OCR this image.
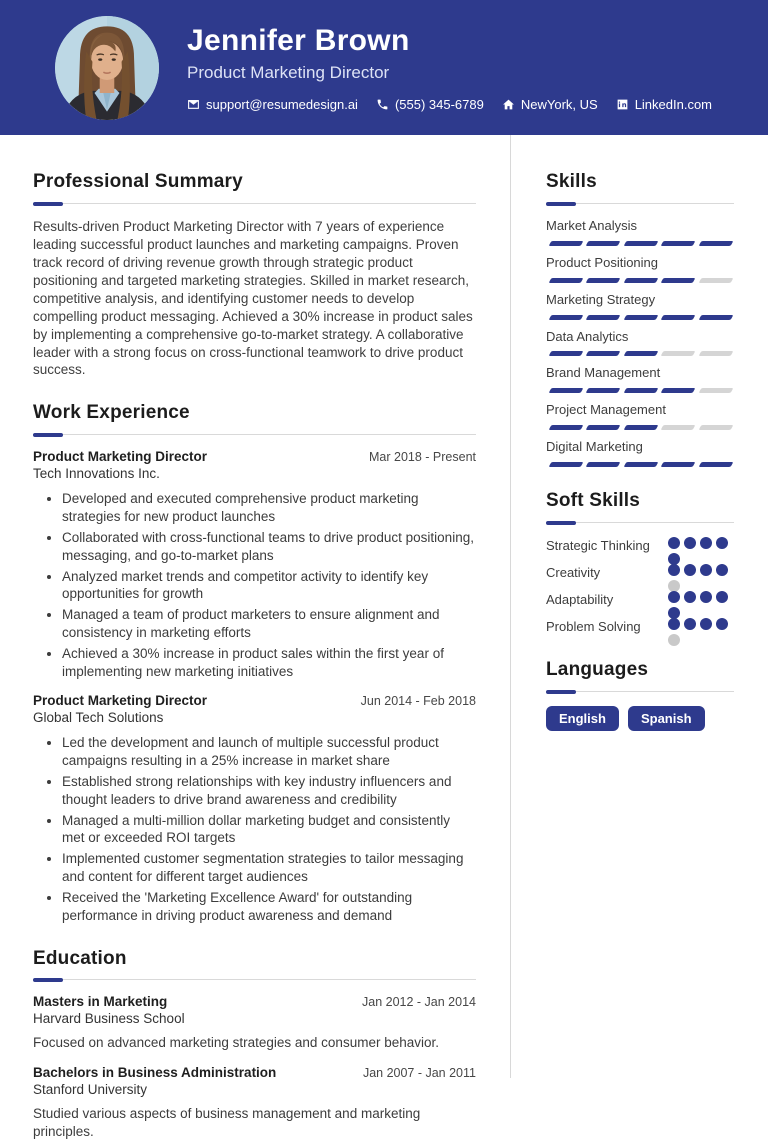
Jennifer Brown
Product Marketing Director
support@resumedesign.ai	(555) 345-6789	NewYork, US	LinkedIn.com
Professional Summary
Results-driven Product Marketing Director with 7 years of experience leading successful product launches and marketing campaigns. Proven track record of driving revenue growth through strategic product positioning and targeted marketing strategies. Skilled in market research, competitive analysis, and identifying customer needs to develop compelling product messaging. Achieved a 30% increase in product sales by implementing a comprehensive go-to-market strategy. A collaborative leader with a strong focus on cross-functional teamwork to drive product success.
Work Experience
Product Marketing Director	Mar 2018 - Present
Tech Innovations Inc.
• Developed and executed comprehensive product marketing strategies for new product launches
• Collaborated with cross-functional teams to drive product positioning, messaging, and go-to-market plans
• Analyzed market trends and competitor activity to identify key opportunities for growth
• Managed a team of product marketers to ensure alignment and consistency in marketing efforts
• Achieved a 30% increase in product sales within the first year of implementing new marketing initiatives
Product Marketing Director	Jun 2014 - Feb 2018
Global Tech Solutions
• Led the development and launch of multiple successful product campaigns resulting in a 25% increase in market share
• Established strong relationships with key industry influencers and thought leaders to drive brand awareness and credibility
• Managed a multi-million dollar marketing budget and consistently met or exceeded ROI targets
• Implemented customer segmentation strategies to tailor messaging and content for different target audiences
• Received the 'Marketing Excellence Award' for outstanding performance in driving product awareness and demand
Education
Masters in Marketing	Jan 2012 - Jan 2014
Harvard Business School
Focused on advanced marketing strategies and consumer behavior.
Bachelors in Business Administration	Jan 2007 - Jan 2011
Stanford University
Studied various aspects of business management and marketing principles.
Skills
Market Analysis
Product Positioning
Marketing Strategy
Data Analytics
Brand Management
Project Management
Digital Marketing
Soft Skills
Strategic Thinking
Creativity
Adaptability
Problem Solving
Languages
English	Spanish
